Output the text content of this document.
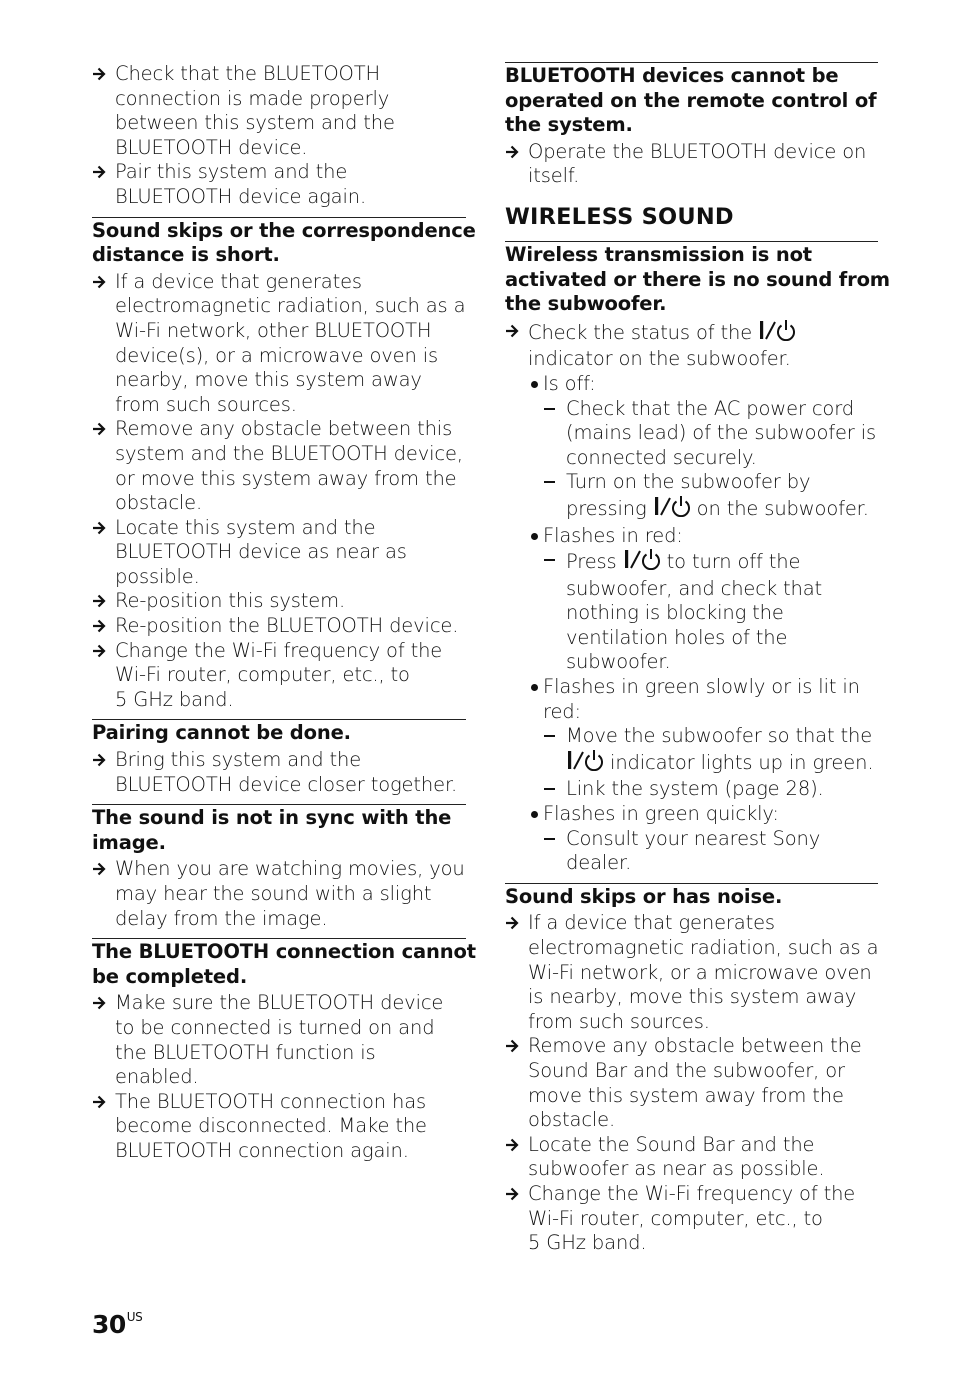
Check that the BLUETOOTH
connection is made properly
between this system and the
BLUETOOTH device.
Pair this system and the
BLUETOOTH device again.
Sound skips or the correspondence
distance is short.
If a device that generates
electromagnetic radiation, such as a
Wi-Fi network, other BLUETOOTH
device(s), or a microwave oven is
nearby, move this system away
from such sources.
Remove any obstacle between this
system and the BLUETOOTH device,
or move this system away from the
obstacle.
Locate this system and the
BLUETOOTH device as near as
possible.
Re-position this system.
Re-position the BLUETOOTH device.
Change the Wi-Fi frequency of the
Wi-Fi router, computer, etc., to
5 GHz band.
Pairing cannot be done.
Bring this system and the
BLUETOOTH device closer together.
The sound is not in sync with the
image.
When you are watching movies, you
may hear the sound with a slight
delay from the image.
The BLUETOOTH connection cannot
be completed.
Make sure the BLUETOOTH device
to be connected is turned on and
the BLUETOOTH function is
enabled.
The BLUETOOTH connection has
become disconnected. Make the
BLUETOOTH connection again.
BLUETOOTH devices cannot be
operated on the remote control of
the system.
Operate the BLUETOOTH device on
itself.
WIRELESS SOUND
Wireless transmission is not
activated or there is no sound from
the subwoofer.
Check the status of the
indicator on the subwoofer.
Is off:
Check that the AC power cord
(mains lead) of the subwoofer is
connected securely.
Turn on the subwoofer by
pressing  on the subwoofer.
Flashes in red:
Press  to turn off the
subwoofer, and check that
nothing is blocking the
ventilation holes of the
subwoofer.
Flashes in green slowly or is lit in
red:
Move the subwoofer so that the
indicator lights up in green.
Link the system (page 28).
Flashes in green quickly:
Consult your nearest Sony
dealer.
Sound skips or has noise.
If a device that generates
electromagnetic radiation, such as a
Wi-Fi network, or a microwave oven
is nearby, move this system away
from such sources.
Remove any obstacle between the
Sound Bar and the subwoofer, or
move this system away from the
obstacle.
Locate the Sound Bar and the
subwoofer as near as possible.
Change the Wi-Fi frequency of the
Wi-Fi router, computer, etc., to
5 GHz band.
$30^{US}$
